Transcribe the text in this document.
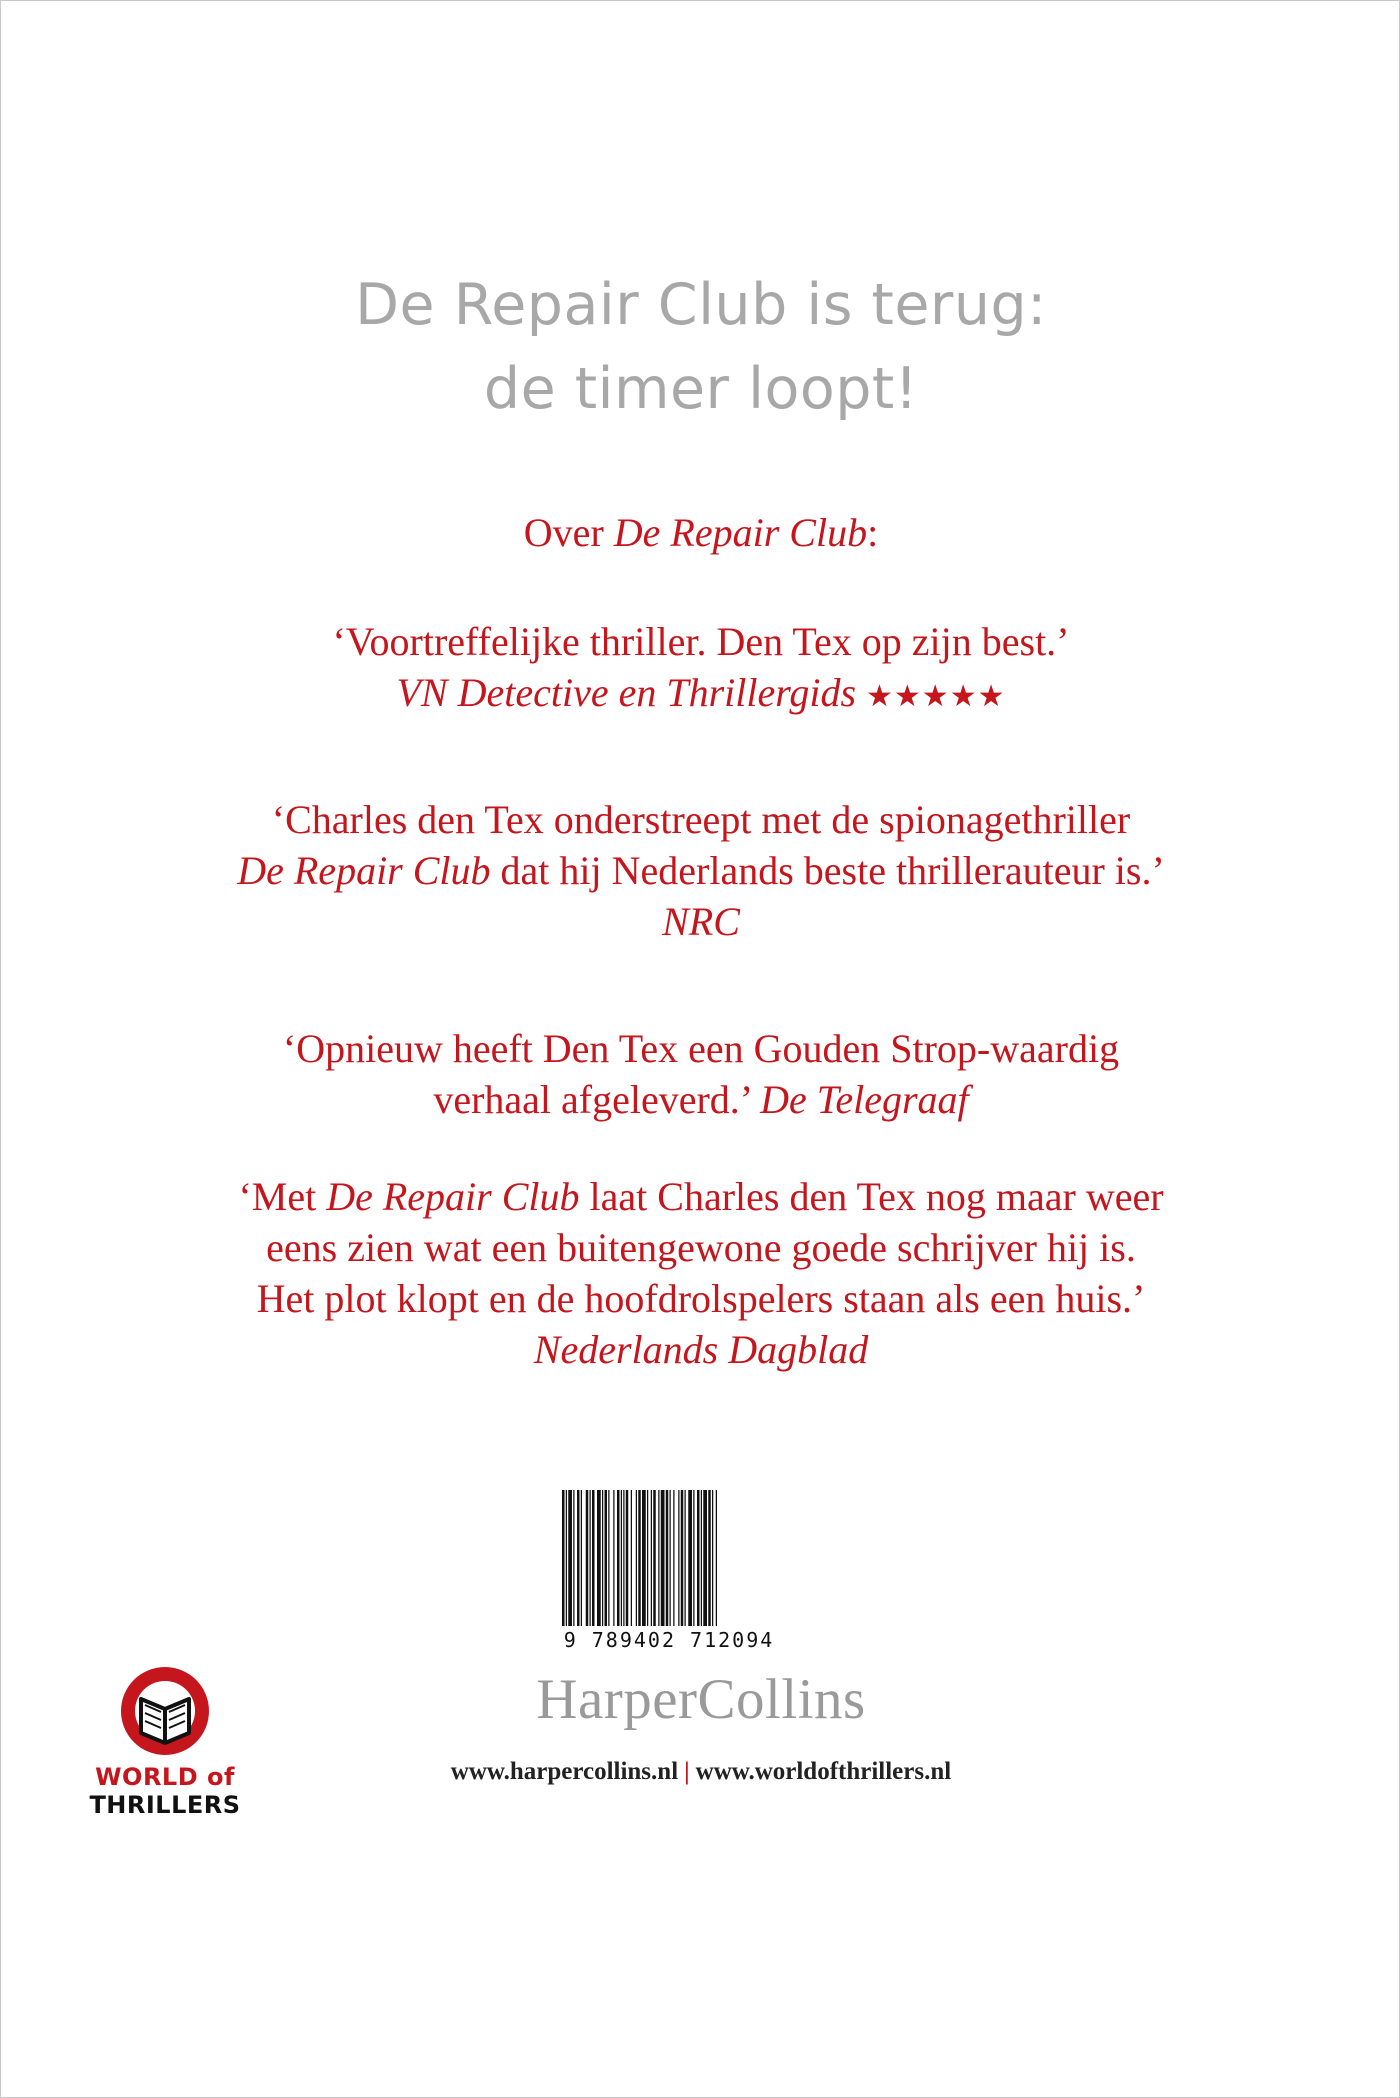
De Repair Club is terug:
de timer loopt!
Over De Repair Club:
‘Voortreffelijke thriller. Den Tex op zijn best.’
VN Detective en Thrillergids ★★★★★
‘Charles den Tex onderstreept met de spionagethriller
De Repair Club dat hij Nederlands beste thrillerauteur is.’
NRC
‘Opnieuw heeft Den Tex een Gouden Strop-waardig
verhaal afgeleverd.’ De Telegraaf
‘Met De Repair Club laat Charles den Tex nog maar weer
eens zien wat een buitengewone goede schrijver hij is.
Het plot klopt en de hoofdrolspelers staan als een huis.’
Nederlands Dagblad
9 789402 712094
WORLD of
THRILLERS
HarperCollins
www.harpercollins.nl | www.worldofthrillers.nl
